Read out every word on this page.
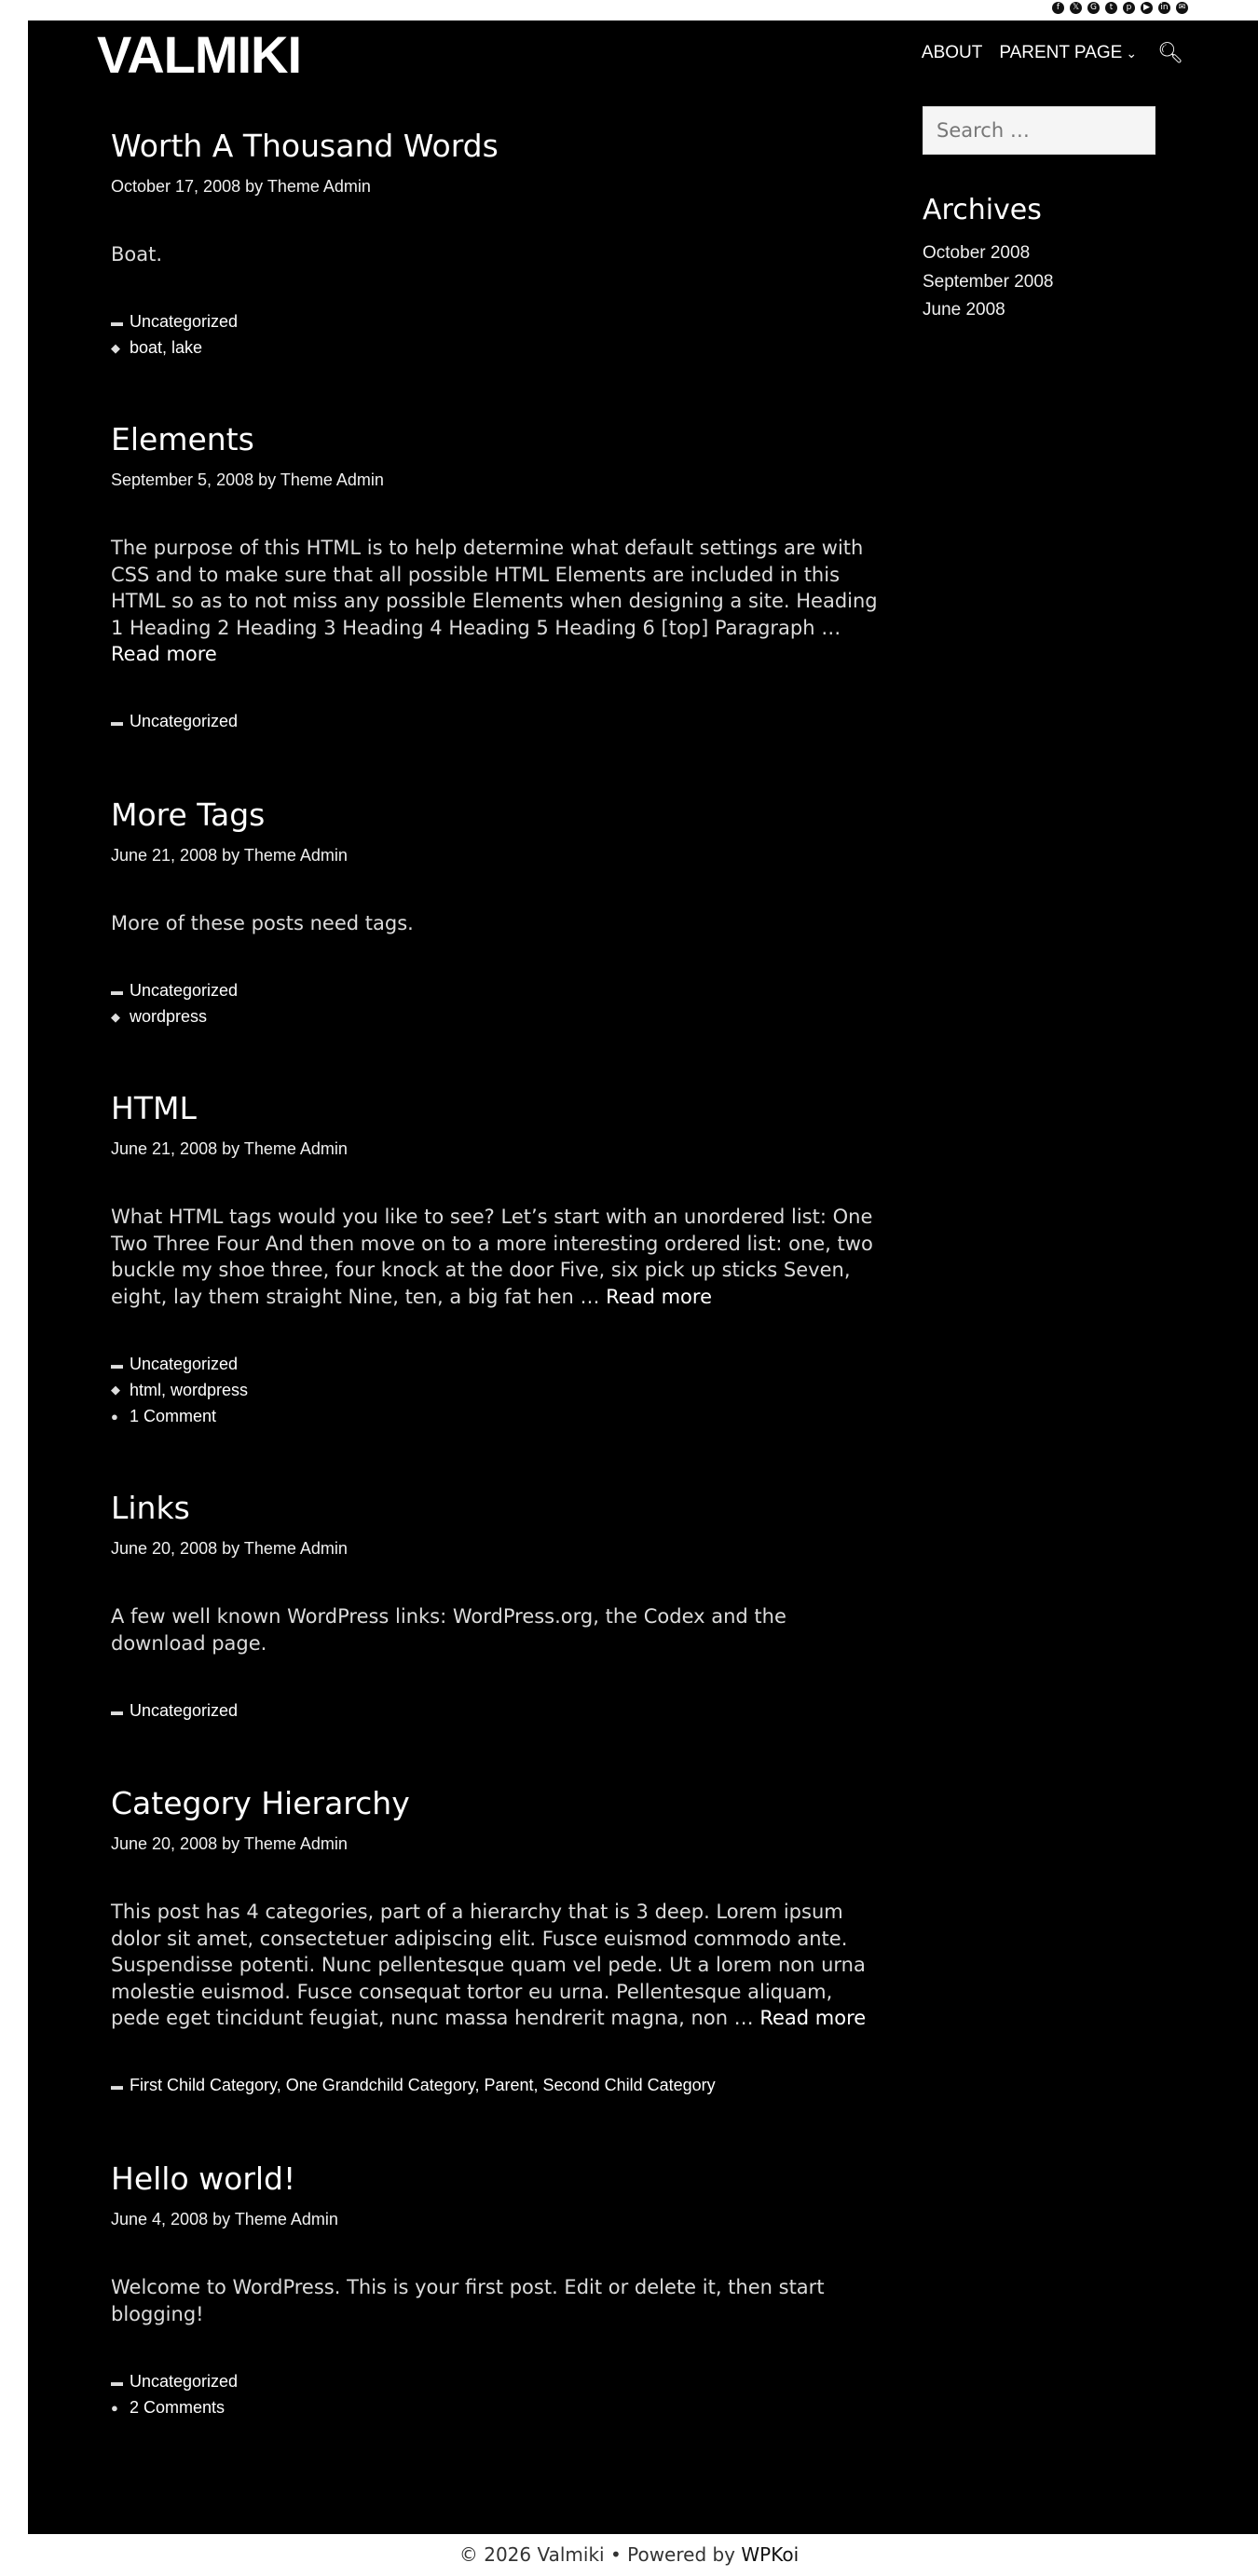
f	𝕏	G	t	p	▶	in	✉
VALMIKI	ABOUT PARENT PAGE ⌄ 🔍︎
Worth A Thousand Words
October 17, 2008 by Theme Admin
Boat.
▬ Uncategorized
◆ boat, lake
Elements
September 5, 2008 by Theme Admin
The purpose of this HTML is to help determine what default settings are with CSS and to make sure that all possible HTML Elements are included in this HTML so as to not miss any possible Elements when designing a site. Heading 1 Heading 2 Heading 3 Heading 4 Heading 5 Heading 6 [top] Paragraph … Read more
▬ Uncategorized
More Tags
June 21, 2008 by Theme Admin
More of these posts need tags.
▬ Uncategorized
◆ wordpress
HTML
June 21, 2008 by Theme Admin
What HTML tags would you like to see? Let’s start with an unordered list: One Two Three Four And then move on to a more interesting ordered list: one, two buckle my shoe three, four knock at the door Five, six pick up sticks Seven, eight, lay them straight Nine, ten, a big fat hen … Read more
▬ Uncategorized
◆ html, wordpress
● 1 Comment
Links
June 20, 2008 by Theme Admin
A few well known WordPress links: WordPress.org, the Codex and the download page.
▬ Uncategorized
Category Hierarchy
June 20, 2008 by Theme Admin
This post has 4 categories, part of a hierarchy that is 3 deep. Lorem ipsum dolor sit amet, consectetuer adipiscing elit. Fusce euismod commodo ante. Suspendisse potenti. Nunc pellentesque quam vel pede. Ut a lorem non urna molestie euismod. Fusce consequat tortor eu urna. Pellentesque aliquam, pede eget tincidunt feugiat, nunc massa hendrerit magna, non … Read more
▬ First Child Category, One Grandchild Category, Parent, Second Child Category
Hello world!
June 4, 2008 by Theme Admin
Welcome to WordPress. This is your first post. Edit or delete it, then start blogging!
▬ Uncategorized
● 2 Comments
Search …
Archives
October 2008
September 2008
June 2008
© 2026 Valmiki • Powered by WPKoi
